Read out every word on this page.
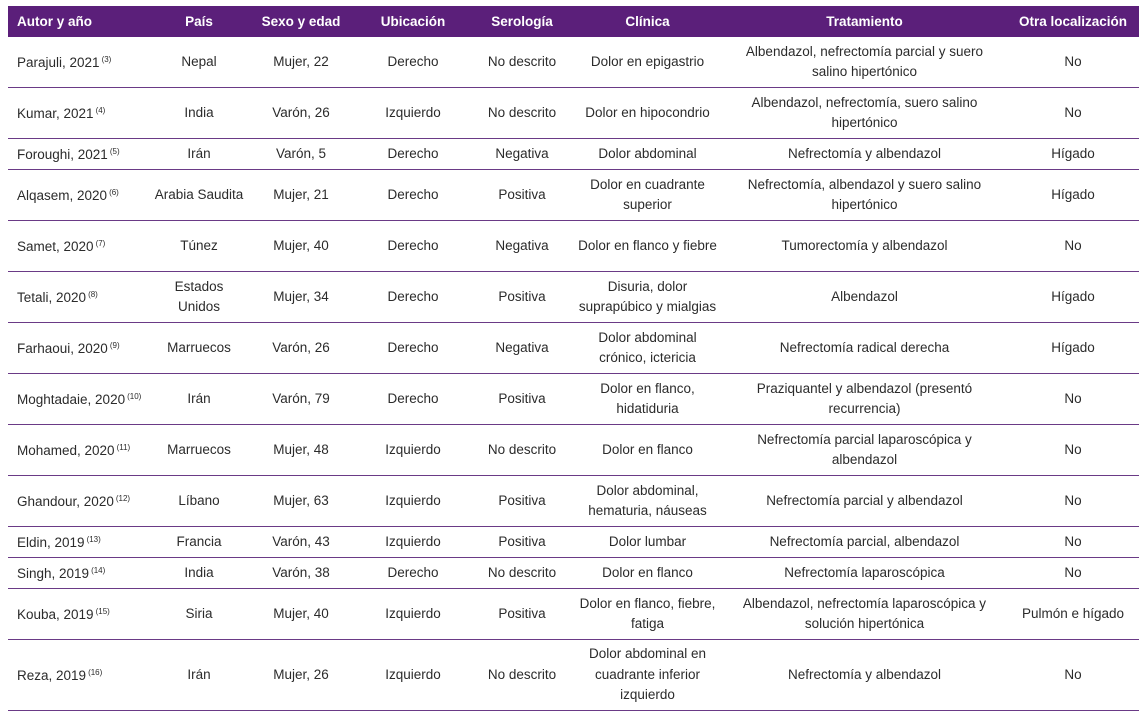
Autor y año	País	Sexo y edad	Ubicación	Serología	Clínica	Tratamiento	Otra localización
Parajuli, 2021 $^{(3)}$	Nepal	Mujer, 22	Derecho	No descrito	Dolor en epigastrio	Albendazol, nefrectomía parcial y suero salino hipertónico	No
Kumar, 2021 $^{(4)}$	India	Varón, 26	Izquierdo	No descrito	Dolor en hipocondrio	Albendazol, nefrectomía, suero salino hipertónico	No
Foroughi, 2021 $^{(5)}$	Irán	Varón, 5	Derecho	Negativa	Dolor abdominal	Nefrectomía y albendazol	Hígado
Alqasem, 2020 $^{(6)}$	Arabia Saudita	Mujer, 21	Derecho	Positiva	Dolor en cuadrante superior	Nefrectomía, albendazol y suero salino hipertónico	Hígado
Samet, 2020 $^{(7)}$	Túnez	Mujer, 40	Derecho	Negativa	Dolor en flanco y fiebre	Tumorectomía y albendazol	No
Tetali, 2020 $^{(8)}$	Estados Unidos	Mujer, 34	Derecho	Positiva	Disuria, dolor suprapúbico y mialgias	Albendazol	Hígado
Farhaoui, 2020 $^{(9)}$	Marruecos	Varón, 26	Derecho	Negativa	Dolor abdominal crónico, ictericia	Nefrectomía radical derecha	Hígado
Moghtadaie, 2020 $^{(10)}$	Irán	Varón, 79	Derecho	Positiva	Dolor en flanco, hidatiduria	Praziquantel y albendazol (presentó recurrencia)	No
Mohamed, 2020 $^{(11)}$	Marruecos	Mujer, 48	Izquierdo	No descrito	Dolor en flanco	Nefrectomía parcial laparoscópica y albendazol	No
Ghandour, 2020 $^{(12)}$	Líbano	Mujer, 63	Izquierdo	Positiva	Dolor abdominal, hematuria, náuseas	Nefrectomía parcial y albendazol	No
Eldin, 2019 $^{(13)}$	Francia	Varón, 43	Izquierdo	Positiva	Dolor lumbar	Nefrectomía parcial, albendazol	No
Singh, 2019 $^{(14)}$	India	Varón, 38	Derecho	No descrito	Dolor en flanco	Nefrectomía laparoscópica	No
Kouba, 2019 $^{(15)}$	Siria	Mujer, 40	Izquierdo	Positiva	Dolor en flanco, fiebre, fatiga	Albendazol, nefrectomía laparoscópica y solución hipertónica	Pulmón e hígado
Reza, 2019 $^{(16)}$	Irán	Mujer, 26	Izquierdo	No descrito	Dolor abdominal en cuadrante inferior izquierdo	Nefrectomía y albendazol	No
